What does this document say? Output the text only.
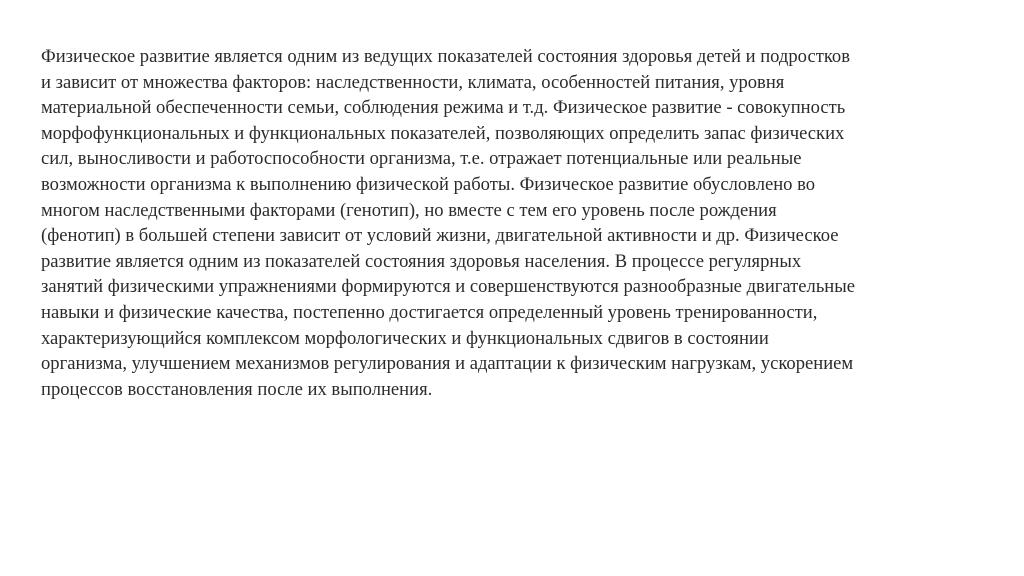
Физическое развитие является одним из ведущих показателей состояния здоровья детей и подростков
и зависит от множества факторов: наследственности, климата, особенностей питания, уровня
материальной обеспеченности семьи, соблюдения режима и т.д. Физическое развитие - совокупность
морфофункциональных и функциональных показателей, позволяющих определить запас физических
сил, выносливости и работоспособности организма, т.е. отражает потенциальные или реальные
возможности организма к выполнению физической работы. Физическое развитие обусловлено во
многом наследственными факторами (генотип), но вместе с тем его уровень после рождения
(фенотип) в большей степени зависит от условий жизни, двигательной активности и др. Физическое
развитие является одним из показателей состояния здоровья населения. В процессе регулярных
занятий физическими упражнениями формируются и совершенствуются разнообразные двигательные
навыки и физические качества, постепенно достигается определенный уровень тренированности,
характеризующийся комплексом морфологических и функциональных сдвигов в состоянии
организма, улучшением механизмов регулирования и адаптации к физическим нагрузкам, ускорением
процессов восстановления после их выполнения.
